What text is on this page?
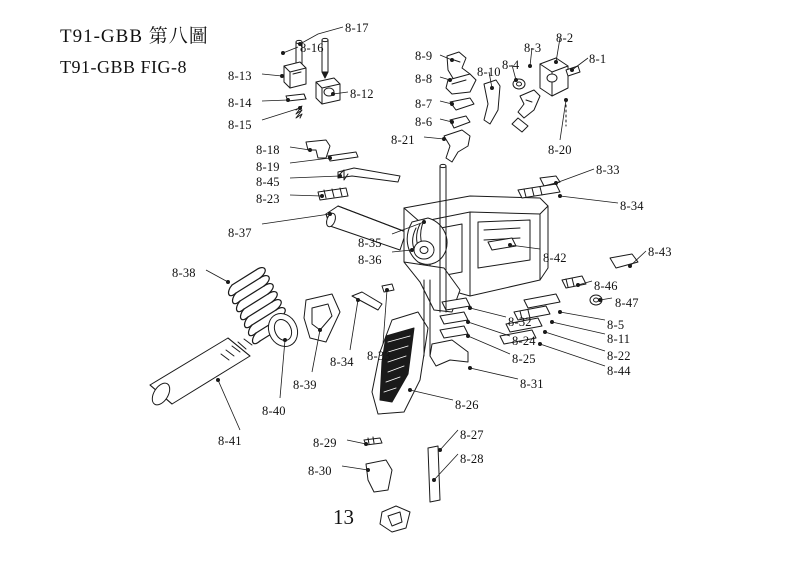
T91-GBB 第八圖
T91-GBB FIG-8
8-17
8-16
8-13
8-12
8-14
8-15
8-9
8-8
8-7
8-6
8-21
8-10 8-4
8-3
8-2
8-1
8-20
8-18
8-19
8-45
8-23
8-37
8-38
8-41
8-40
8-39
8-34 8-33
8-35
8-36	8-42	8-43
8-46
8-47
8-33
8-34
8-5
8-11
8-22
8-44
8-32
8-24
8-25
8-31
8-26
8-27
8-28
8-29
8-30
13
